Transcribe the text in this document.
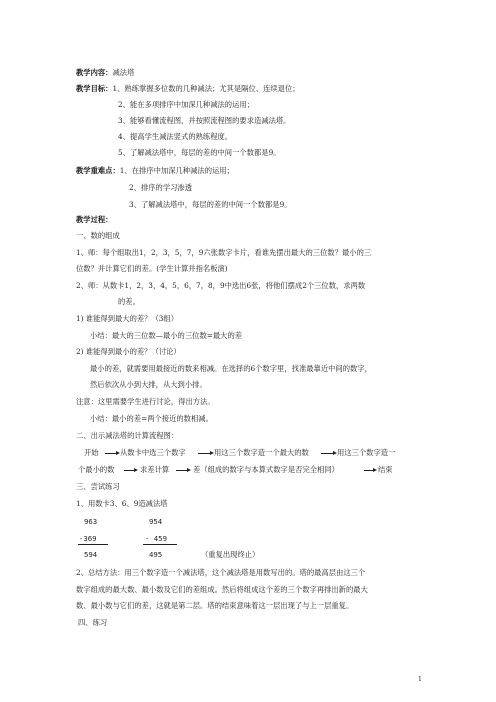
教学内容：减法塔
教学目标：1、熟练掌握多位数的几种减法；尤其是隔位、连续退位；
2、能在多项排序中加深几种减法的运用；
3、能够看懂流程图，并按照流程图的要求造减法塔。
4、提高学生减法竖式的熟练程度。
5、了解减法塔中，每层的差的中间一个数都是9。
教学重难点：1、在排序中加深几种减法的运用；
2、排序的学习渗透
3、了解减法塔中，每层的差的中间一个数都是9。
教学过程：
一、数的组成
1、师：每个组取出1，2，3，5，7，9六张数字卡片，看谁先摆出最大的三位数？最小的三
位数？并计算它们的差。(学生计算并指名板演)
2、师：从数卡1，2，3，4，5，6，7，8，9中选出6张，将他们摆成2个三位数，求两数
的差。
1) 谁能得到最大的差？（3组）
小结：最大的三位数—最小的三位数=最大的差
2) 谁能得到最小的差？（讨论）
最小的差，就需要用最接近的数来相减。在选择的6个数字里，找准最靠近中间的数字，
然后依次从小到大排，从大到小排。
注意：这里需要学生进行讨论，得出方法。
小结：最小的差=两个接近的数相减。
二、出示减法塔的计算流程图：
开始	从数卡中选三个数字	用这三个数字造一个最大的数	用这三个数字造一
个最小的数	求差计算	差（组成的数字与本算式数字是否完全相同）	结束
三、尝试练习
1、用数卡3、6、9造减法塔
963	954
-369	- 459
594	495	（重复出现终止）
2、总结方法：用三个数字造一个减法塔，这个减法塔是用数写出的。塔的最高层由这三个
数字组成的最大数、最小数及它们的差组成。然后将组成这个差的三个数字再排出新的最大
数、最小数与它们的差，这就是第二层。塔的结束意味着这一层出现了与上一层重复。
四、练习
1
